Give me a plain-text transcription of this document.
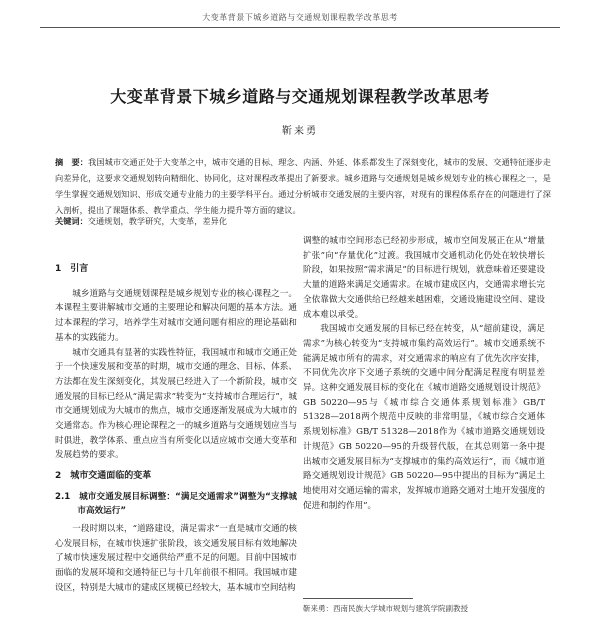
大变革背景下城乡道路与交通规划课程教学改革思考
大变革背景下城乡道路与交通规划课程教学改革思考
靳来勇
摘　要：我国城市交通正处于大变革之中，城市交通的目标、理念、内涵、外延、体系都发生了深刻变化，城市的发展、交通特征逐步走向差异化，这要求交通规划转向精细化、协同化，这对课程改革提出了新要求。城乡道路与交通规划是城乡规划专业的核心课程之一，是学生掌握交通规划知识、形成交通专业能力的主要学科平台。通过分析城市交通发展的主要内容，对现有的课程体系存在的问题进行了深入剖析，提出了课题体系、教学重点、学生能力提升等方面的建议。
关键词：交通规划，教学研究，大变革，差异化
1　引言

城乡道路与交通规划课程是城乡规划专业的核心课程之一。本课程主要讲解城市交通的主要理论和解决问题的基本方法。通过本课程的学习，培养学生对城市交通问题有相应的理论基础和基本的实践能力。

城市交通具有显著的实践性特征，我国城市和城市交通正处于一个快速发展和变革的时期，城市交通的理念、目标、体系、方法都在发生深刻变化，其发展已经进入了一个新阶段，城市交通发展的目标已经从“满足需求”转变为“支持城市合理运行”，城市交通规划成为大城市的焦点，城市交通逐渐发展成为大城市的交通常态。作为核心理论课程之一的城乡道路与交通规划应当与时俱进，教学体系、重点应当有所变化以适应城市交通大变革和发展趋势的要求。

2　城市交通面临的变革
2.1　城市交通发展目标调整：“满足交通需求”调整为“支撑城市高效运行”

一段时期以来，“道路建设，满足需求”一直是城市交通的核心发展目标，在城市快速扩张阶段，该交通发展目标有效地解决了城市快速发展过程中交通供给严重不足的问题。目前中国城市面临的发展环境和交通特征已与十几年前很不相同。我国城市建设区，特别是大城市的建成区规模已经较大，基本城市空间结构

调整的城市空间形态已经初步形成，城市空间发展正在从“增量扩张”向“存量优化”过渡。我国城市交通机动化仍处在较快增长阶段，如果按照“需求满足”的目标进行规划，就意味着还要建设大量的道路来满足交通需求。在城市建成区内，交通需求增长完全依靠做大交通供给已经越来越困难，交通设施建设空间、建设成本难以承受。

我国城市交通发展的目标已经在转变，从“超前建设，满足需求”为核心转变为“支持城市集约高效运行”。城市交通系统不能满足城市所有的需求，对交通需求的响应有了优先次序安排，不同优先次序下交通子系统的交通中间分配满足程度有明显差异。这种交通发展目标的变化在《城市道路交通规划设计规范》GB 50220—95与《城市综合交通体系规划标准》GB/T 51328—2018两个规范中反映的非常明显，《城市综合交通体系规划标准》GB/T 51328—2018作为《城市道路交通规划设计规范》GB 50220—95的升级替代版，在其总则第一条中提出城市交通发展目标为“支撑城市的集约高效运行”，而《城市道路交通规划设计规范》GB 50220—95中提出的目标为“满足土地使用对交通运输的需求，发挥城市道路交通对土地开发强度的促进和制约作用”。

靳来勇：西南民族大学城市规划与建筑学院副教授
